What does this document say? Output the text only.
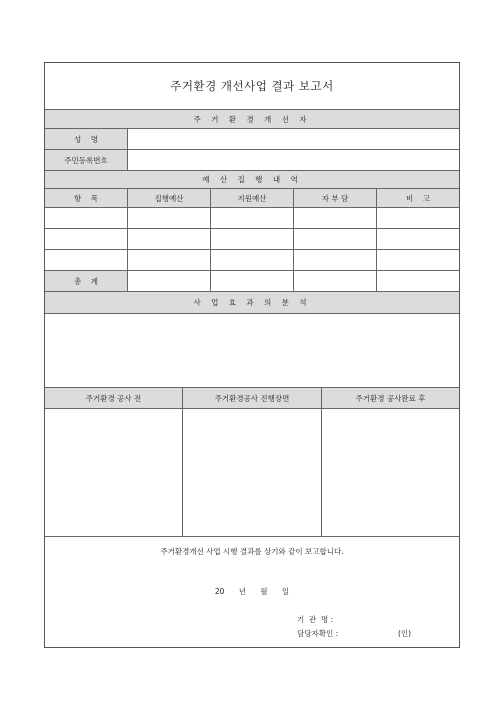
주거환경 개선사업 결과 보고서
주 거 환 경 개 선 자
성    명
주민등록번호
예 산 집 행 내 역
항    목	집행예산	지원예산	자 부 담	비    고
총    계
사 업 효 과 의 분 석
주거환경 공사 전	주거환경공사 진행장면	주거환경 공사완료 후
주거환경개선 사업 시행 결과를 상기와 같이 보고합니다.
20      년      월      일
기  관  명 :
담당자확인 :	(인)
